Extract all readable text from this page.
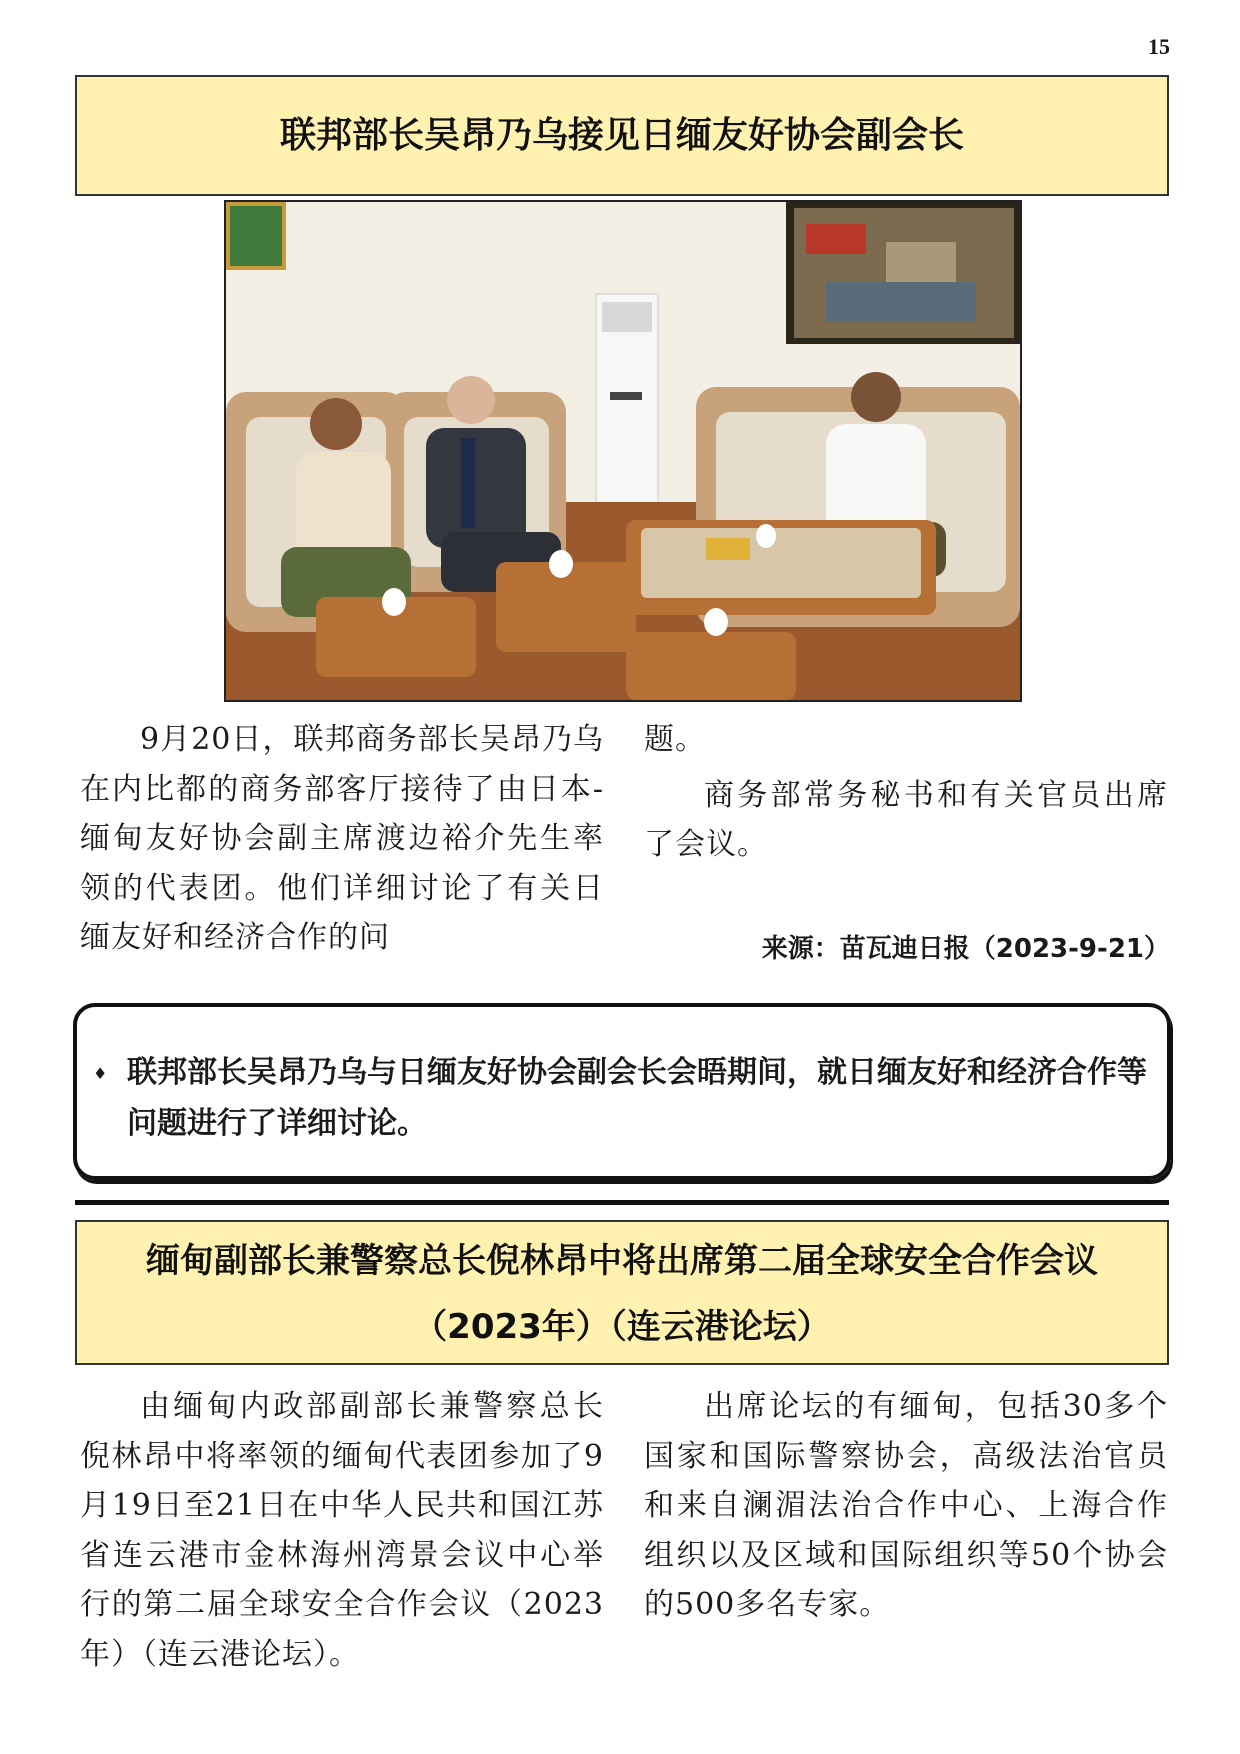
15
联邦部长吴昂乃乌接见日缅友好协会副会长

9月20日，联邦商务部长吴昂乃乌在内比都的商务部客厅接待了由日本-缅甸友好协会副主席渡边裕介先生率领的代表团。他们详细讨论了有关日缅友好和经济合作的问

题。

商务部常务秘书和有关官员出席了会议。

来源：苗瓦迪日报（2023-9-21）
♦ 联邦部长吴昂乃乌与日缅友好协会副会长会晤期间，就日缅友好和经济合作等问题进行了详细讨论。
缅甸副部长兼警察总长倪林昂中将出席第二届全球安全合作会议
（2023年）（连云港论坛）

由缅甸内政部副部长兼警察总长倪林昂中将率领的缅甸代表团参加了9月19日至21日在中华人民共和国江苏省连云港市金林海州湾景会议中心举行的第二届全球安全合作会议（2023年）（连云港论坛）。

出席论坛的有缅甸，包括30多个国家和国际警察协会，高级法治官员和来自澜湄法治合作中心、上海合作组织以及区域和国际组织等50个协会的500多名专家。
